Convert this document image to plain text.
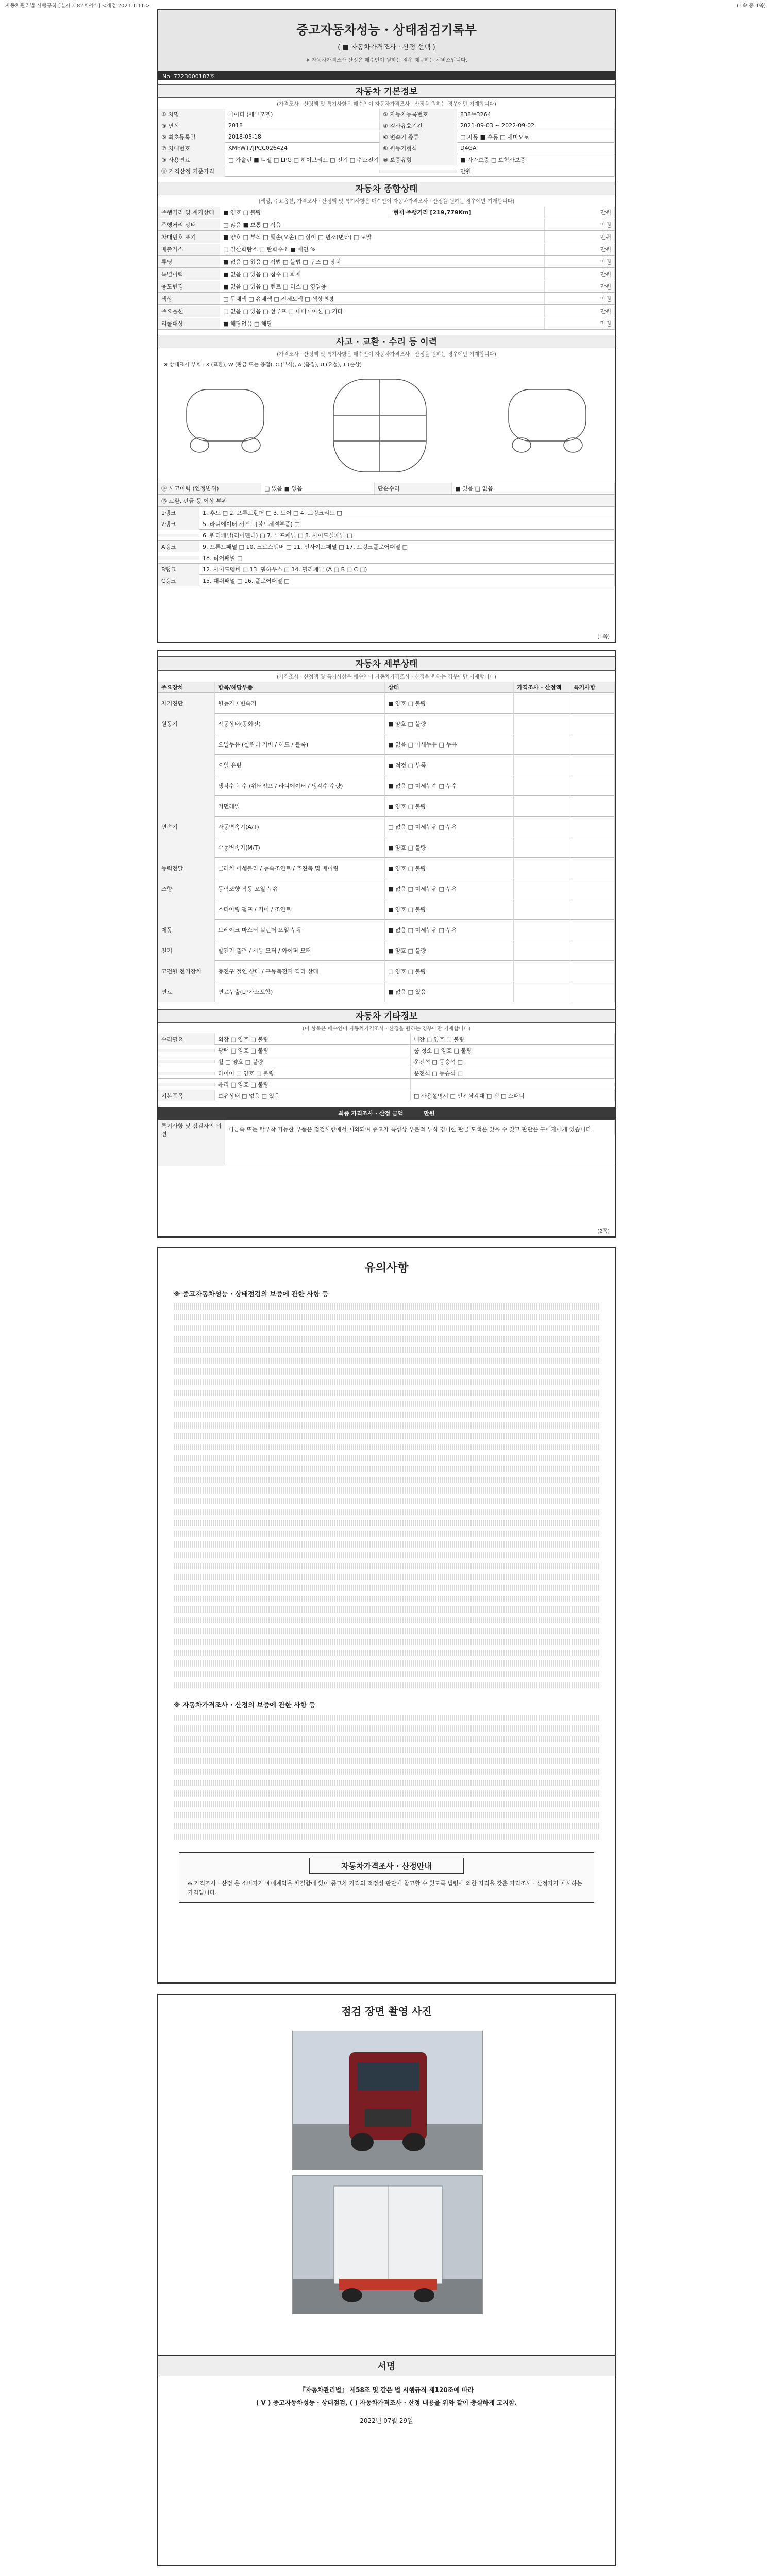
자동차관리법 시행규칙 [별지 제82호서식] <개정 2021.1.11.>	(1쪽 중 1쪽)
중고자동차성능 · 상태점검기록부
( ■ 자동차가격조사 · 산정 선택 )
※ 자동차가격조사·산정은 매수인이 원하는 경우 제공하는 서비스입니다.
No. 7223000187호
자동차 기본정보
(가격조사 · 산정액 및 특기사항은 매수인이 자동차가격조사 · 산정을 원하는 경우에만 기재합니다)
① 차명	마이티 (세부모델)	② 자동차등록번호	838누3264
③ 연식	2018	④ 검사유효기간	2021-09-03 ~ 2022-09-02
⑤ 최초등록일	2018-05-18	⑥ 변속기 종류	□ 자동 ■ 수동 □ 세미오토
⑦ 차대번호	KMFWT7JPCC026424	⑧ 원동기형식	D4GA
⑨ 사용연료	□ 가솔린 ■ 디젤 □ LPG □ 하이브리드 □ 전기 □ 수소전기 ⑩ 보증유형	■ 자가보증 □ 보험사보증
⑪ 가격산정 기준가격	만원
자동차 종합상태
(색상, 주요옵션, 가격조사 · 산정액 및 특기사항은 매수인이 자동차가격조사 · 산정을 원하는 경우에만 기재합니다)
주행거리 및 계기상태	■ 양호 □ 불량	현재 주행거리 [219,779Km]	만원
주행거리 상태	□ 많음 ■ 보통 □ 적음	만원
차대번호 표기	■ 양호 □ 부식 □ 훼손(오손) □ 상이 □ 변조(변타) □ 도말	만원
배출가스	□ 일산화탄소 □ 탄화수소 ■ 매연 %	만원
튜닝	■ 없음 □ 있음 □ 적법 □ 불법 □ 구조 □ 장치	만원
특별이력	■ 없음 □ 있음 □ 침수 □ 화재	만원
용도변경	■ 없음 □ 있음 □ 렌트 □ 리스 □ 영업용	만원
색상	□ 무채색 □ 유채색 □ 전체도색 □ 색상변경	만원
주요옵션	□ 없음 □ 있음 □ 선루프 □ 내비게이션 □ 기타	만원
리콜대상	■ 해당없음 □ 해당	만원
사고 · 교환 · 수리 등 이력
(가격조사 · 산정액 및 특기사항은 매수인이 자동차가격조사 · 산정을 원하는 경우에만 기재합니다)
※ 상태표시 부호 : X (교환), W (판금 또는 용접), C (부식), A (흠집), U (요철), T (손상)
⑭ 사고이력 (인정범위)	□ 있음 ■ 없음	단순수리	■ 있음 □ 없음
⑮ 교환, 판금 등 이상 부위
1랭크	1. 후드 □ 2. 프론트휀더 □ 3. 도어 □ 4. 트렁크리드 □
2랭크	5. 라디에이터 서포트(볼트체결부품) □
6. 쿼터패널(리어펜더) □ 7. 루프패널 □ 8. 사이드실패널 □
A랭크	9. 프론트패널 □ 10. 크로스멤버 □ 11. 인사이드패널 □ 17. 트렁크플로어패널 □
18. 리어패널 □
B랭크	12. 사이드멤버 □ 13. 휠하우스 □ 14. 필러패널 (A □ B □ C □)
C랭크	15. 대쉬패널 □ 16. 플로어패널 □
(1쪽)
자동차 세부상태
(가격조사 · 산정액 및 특기사항은 매수인이 자동차가격조사 · 산정을 원하는 경우에만 기재합니다)
주요장치	항목/해당부품	상태	가격조사 · 산정액	특기사항
자기진단	원동기 / 변속기	■ 양호 □ 불량
원동기	작동상태(공회전)	■ 양호 □ 불량
오일누유 (실린더 커버 / 헤드 / 블록)	■ 없음 □ 미세누유 □ 누유
오일 유량	■ 적정 □ 부족
냉각수 누수 (워터펌프 / 라디에이터 / 냉각수 수량)	■ 없음 □ 미세누수 □ 누수
커먼레일	■ 양호 □ 불량
변속기	자동변속기(A/T)	□ 없음 □ 미세누유 □ 누유
수동변속기(M/T)	■ 양호 □ 불량
동력전달	클러치 어셈블리 / 등속조인트 / 추진축 및 베어링	■ 양호 □ 불량
조향	동력조향 작동 오일 누유	■ 없음 □ 미세누유 □ 누유
스티어링 펌프 / 기어 / 조인트	■ 양호 □ 불량
제동	브레이크 마스터 실린더 오일 누유	■ 없음 □ 미세누유 □ 누유
전기	발전기 출력 / 시동 모터 / 와이퍼 모터	■ 양호 □ 불량
고전원 전기장치	충전구 절연 상태 / 구동축전지 격리 상태	□ 양호 □ 불량
연료	연료누출(LP가스포함)	■ 없음 □ 있음
자동차 기타정보
(이 항목은 매수인이 자동차가격조사 · 산정을 원하는 경우에만 기재합니다)
수리필요	외장 □ 양호 □ 불량	내장 □ 양호 □ 불량
광택 □ 양호 □ 불량	룸 청소 □ 양호 □ 불량
휠 □ 양호 □ 불량	운전석 □ 동승석 □
타이어 □ 양호 □ 불량	운전석 □ 동승석 □
유리 □ 양호 □ 불량
기본품목	보유상태 □ 없음 □ 있음	□ 사용설명서 □ 안전삼각대 □ 잭 □ 스패너
최종 가격조사 · 산정 금액	만원
특기사항 및 점검자의 의견
비금속 또는 탈부착 가능한 부품은 점검사항에서 제외되며 중고차 특성상 부분적 부식 경미한 판금 도색은 있을 수 있고 판단은 구매자에게 있습니다.
(2쪽)
유의사항
※ 중고자동차성능 · 상태점검의 보증에 관한 사항 등
※ 자동차가격조사 · 산정의 보증에 관한 사항 등
자동차가격조사 · 산정안내
※ 가격조사 · 산정 은 소비자가 매매계약을 체결함에 있어 중고차 가격의 적정성 판단에 참고할 수 있도록 법령에 의한 자격을 갖춘 가격조사 · 산정자가 제시하는 가격입니다.
점검 장면 촬영 사진
서명
『자동차관리법』 제58조 및 같은 법 시행규칙 제120조에 따라
( V ) 중고자동차성능 · 상태점검, ( ) 자동차가격조사 · 산정 내용을 위와 같이 충실하게 고지함.
2022년 07월 29일
